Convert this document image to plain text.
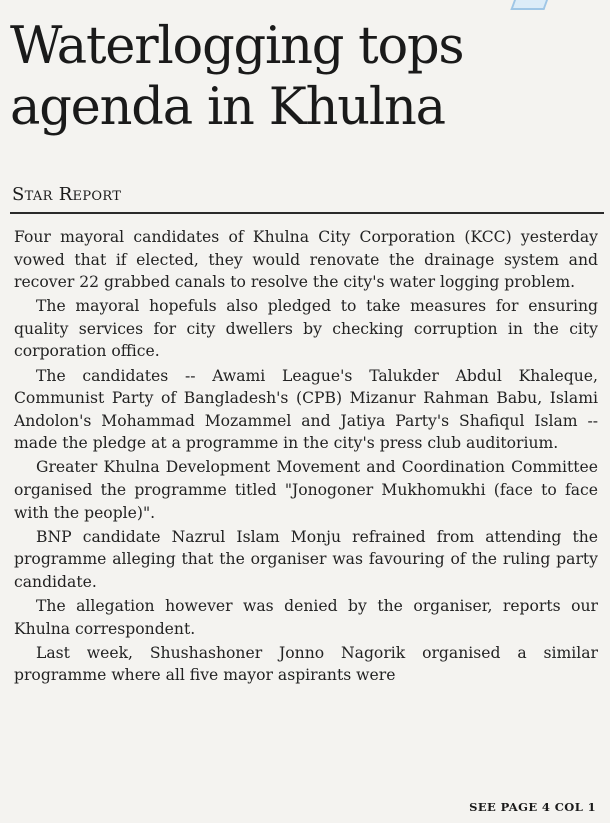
Waterlogging tops
agenda in Khulna
Star Report

Four mayoral candidates of Khulna City Corporation (KCC) yesterday vowed that if elected, they would renovate the drainage system and recover 22 grabbed canals to resolve the city's water logging problem.

The mayoral hopefuls also pledged to take measures for ensuring quality services for city dwellers by checking corruption in the city corporation office.

The candidates -- Awami League's Talukder Abdul Khaleque, Communist Party of Bangladesh's (CPB) Mizanur Rahman Babu, Islami Andolon's Mohammad Mozammel and Jatiya Party's Shafiqul Islam -- made the pledge at a programme in the city's press club auditorium.

Greater Khulna Development Movement and Coordination Committee organised the programme titled "Jonogoner Mukhomukhi (face to face with the people)".

BNP candidate Nazrul Islam Monju refrained from attending the programme alleging that the organiser was favouring of the ruling party candidate.

The allegation however was denied by the organiser, reports our Khulna correspondent.

Last week, Shushashoner Jonno Nagorik organised a similar programme where all five mayor aspirants were

SEE PAGE 4 COL 1
